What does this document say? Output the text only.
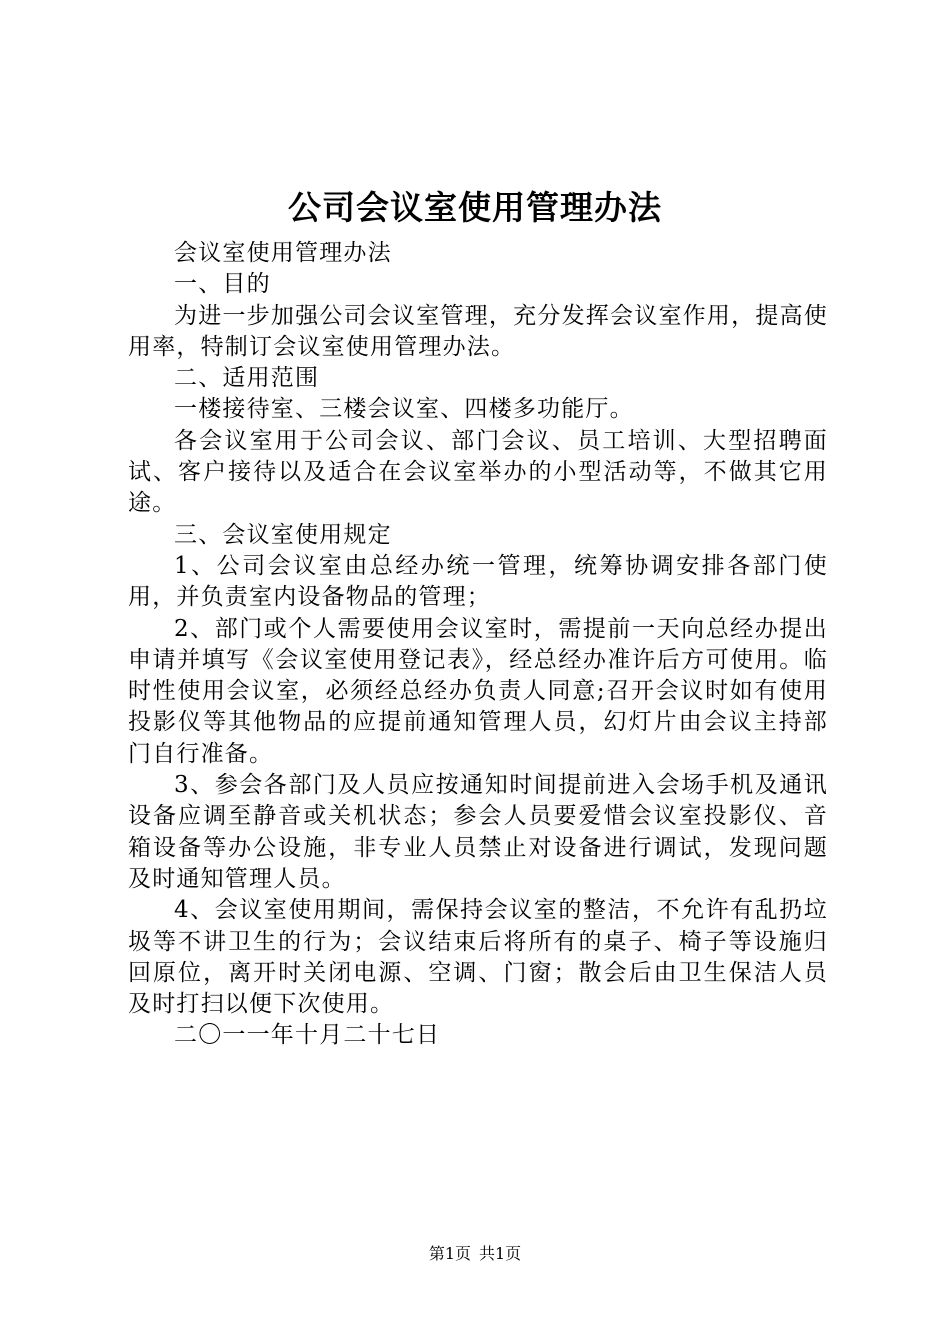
公司会议室使用管理办法

会议室使用管理办法

一、目的

为进一步加强公司会议室管理，充分发挥会议室作用，提高使用率，特制订会议室使用管理办法。

二、适用范围

一楼接待室、三楼会议室、四楼多功能厅。

各会议室用于公司会议、部门会议、员工培训、大型招聘面试、客户接待以及适合在会议室举办的小型活动等，不做其它用途。

三、会议室使用规定

1、公司会议室由总经办统一管理，统筹协调安排各部门使用，并负责室内设备物品的管理；

2、部门或个人需要使用会议室时，需提前一天向总经办提出申请并填写《会议室使用登记表》，经总经办准许后方可使用。临时性使用会议室，必须经总经办负责人同意;召开会议时如有使用投影仪等其他物品的应提前通知管理人员，幻灯片由会议主持部门自行准备。

3、参会各部门及人员应按通知时间提前进入会场手机及通讯设备应调至静音或关机状态；参会人员要爱惜会议室投影仪、音箱设备等办公设施，非专业人员禁止对设备进行调试，发现问题及时通知管理人员。

4、会议室使用期间，需保持会议室的整洁，不允许有乱扔垃圾等不讲卫生的行为；会议结束后将所有的桌子、椅子等设施归回原位，离开时关闭电源、空调、门窗；散会后由卫生保洁人员及时打扫以便下次使用。

二〇一一年十月二十七日

第1页 共1页
